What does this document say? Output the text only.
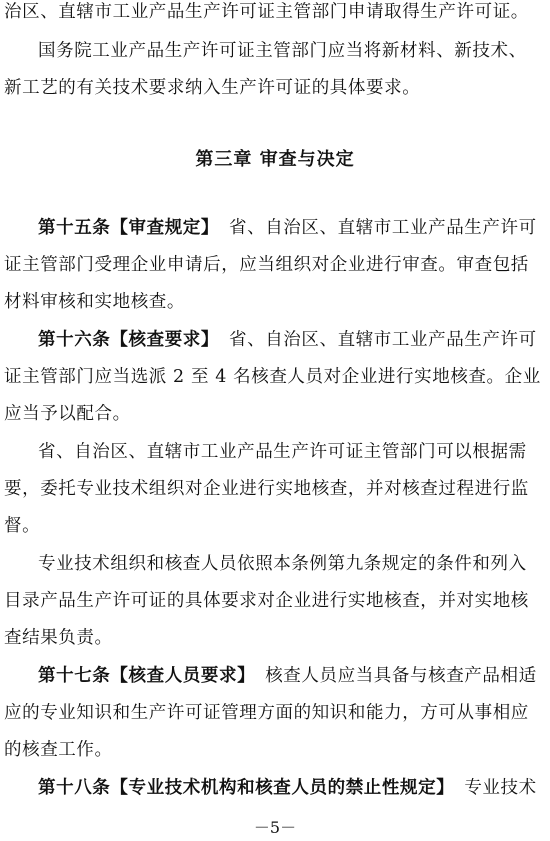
治区、直辖市工业产品生产许可证主管部门申请取得生产许可证。
国务院工业产品生产许可证主管部门应当将新材料、新技术、
新工艺的有关技术要求纳入生产许可证的具体要求。
第三章 审查与决定
第十五条【审查规定】 省、自治区、直辖市工业产品生产许可
证主管部门受理企业申请后，应当组织对企业进行审查。审查包括
材料审核和实地核查。
第十六条【核查要求】 省、自治区、直辖市工业产品生产许可
证主管部门应当选派 2 至 4 名核查人员对企业进行实地核查。企业
应当予以配合。
省、自治区、直辖市工业产品生产许可证主管部门可以根据需
要，委托专业技术组织对企业进行实地核查，并对核查过程进行监
督。
专业技术组织和核查人员依照本条例第九条规定的条件和列入
目录产品生产许可证的具体要求对企业进行实地核查，并对实地核
查结果负责。
第十七条【核查人员要求】 核查人员应当具备与核查产品相适
应的专业知识和生产许可证管理方面的知识和能力，方可从事相应
的核查工作。
第十八条【专业技术机构和核查人员的禁止性规定】 专业技术
－5－
